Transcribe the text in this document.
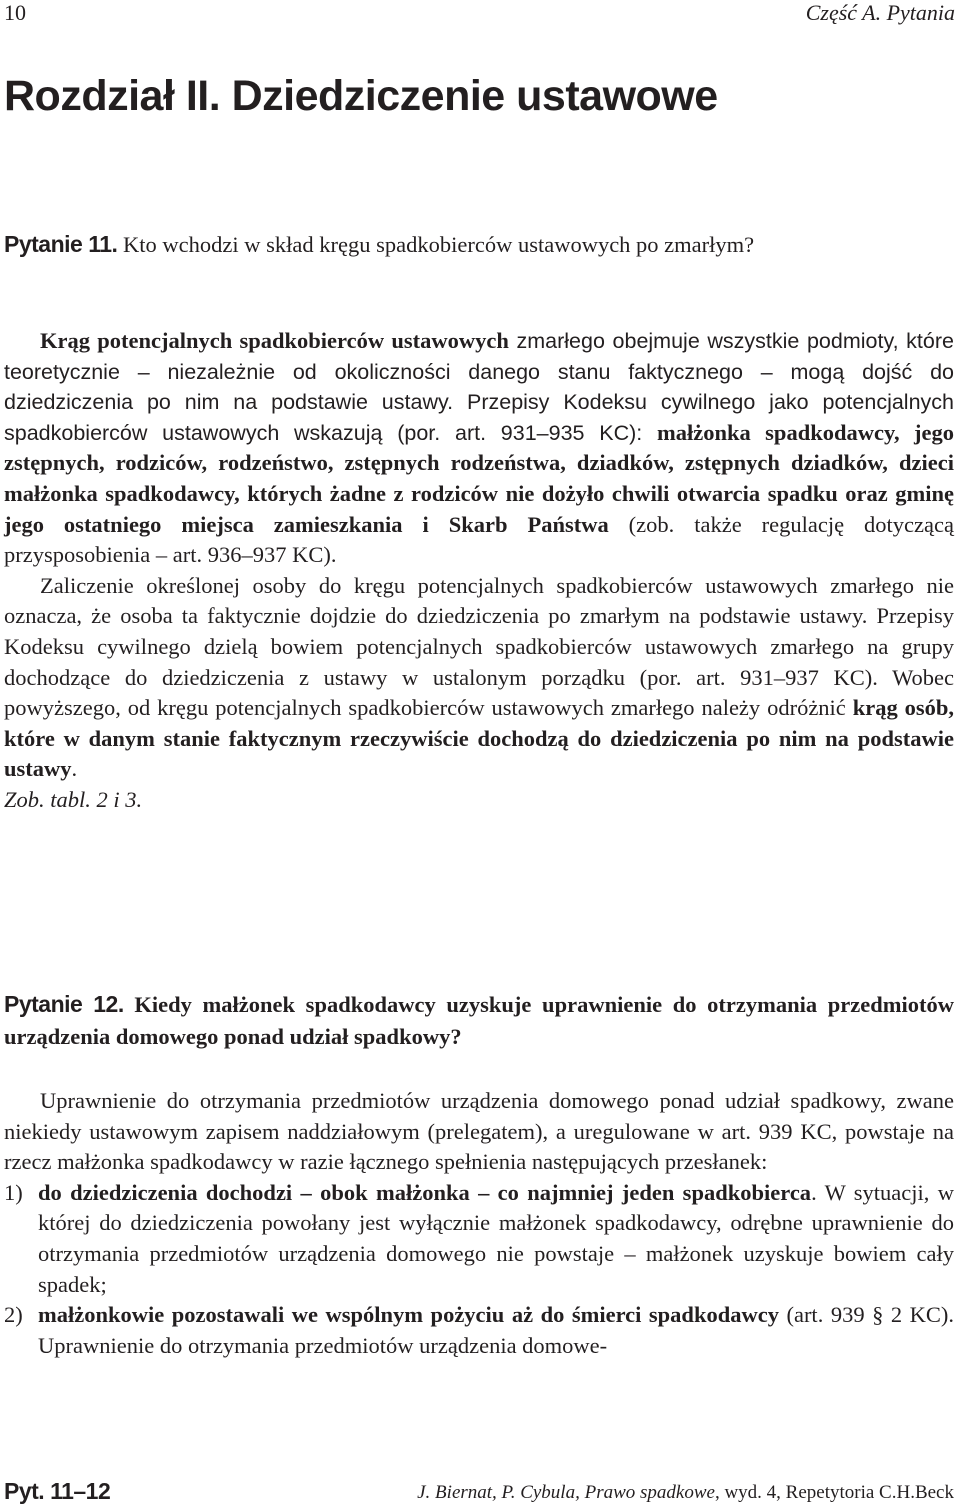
10	Część A. Pytania
Rozdział II. Dziedziczenie ustawowe
Pytanie 11. Kto wchodzi w skład kręgu spadkobierców ustawowych po zmarłym?

Krąg potencjalnych spadkobierców ustawowych zmarłego obejmuje wszystkie podmioty, które teoretycznie – niezależnie od okoliczności danego stanu faktycznego – mogą dojść do dziedziczenia po nim na podstawie ustawy. Przepisy Kodeksu cywilnego jako potencjalnych spadkobierców ustawowych wskazują (por. art. 931–935 KC): małżonka spadkodawcy, jego zstępnych, rodziców, rodzeństwo, zstępnych rodzeństwa, dziadków, zstępnych dziadków, dzieci małżonka spadkodawcy, których żadne z rodziców nie dożyło chwili otwarcia spadku oraz gminę jego ostatniego miejsca zamieszkania i Skarb Państwa (zob. także regulację dotyczącą przysposobienia – art. 936–937 KC).

Zaliczenie określonej osoby do kręgu potencjalnych spadkobierców ustawowych zmarłego nie oznacza, że osoba ta faktycznie dojdzie do dziedziczenia po zmarłym na podstawie ustawy. Przepisy Kodeksu cywilnego dzielą bowiem potencjalnych spadkobierców ustawowych zmarłego na grupy dochodzące do dziedziczenia z ustawy w ustalonym porządku (por. art. 931–937 KC). Wobec powyższego, od kręgu potencjalnych spadkobierców ustawowych zmarłego należy odróżnić krąg osób, które w danym stanie faktycznym rzeczywiście dochodzą do dziedziczenia po nim na podstawie ustawy.

Zob. tabl. 2 i 3.

Pytanie 12. Kiedy małżonek spadkodawcy uzyskuje uprawnienie do otrzymania przedmiotów urządzenia domowego ponad udział spadkowy?

Uprawnienie do otrzymania przedmiotów urządzenia domowego ponad udział spadkowy, zwane niekiedy ustawowym zapisem naddziałowym (prelegatem), a uregulowane w art. 939 KC, powstaje na rzecz małżonka spadkodawcy w razie łącznego spełnienia następujących przesłanek:

1) do dziedziczenia dochodzi – obok małżonka – co najmniej jeden spadkobierca. W sytuacji, w której do dziedziczenia powołany jest wyłącznie małżonek spadkodawcy, odrębne uprawnienie do otrzymania przedmiotów urządzenia domowego nie powstaje – małżonek uzyskuje bowiem cały spadek;
2) małżonkowie pozostawali we wspólnym pożyciu aż do śmierci spadkodawcy (art. 939 § 2 KC). Uprawnienie do otrzymania przedmiotów urządzenia domowe-
Pyt. 11–12	J. Biernat, P. Cybula, Prawo spadkowe, wyd. 4, Repetytoria C.H.Beck
